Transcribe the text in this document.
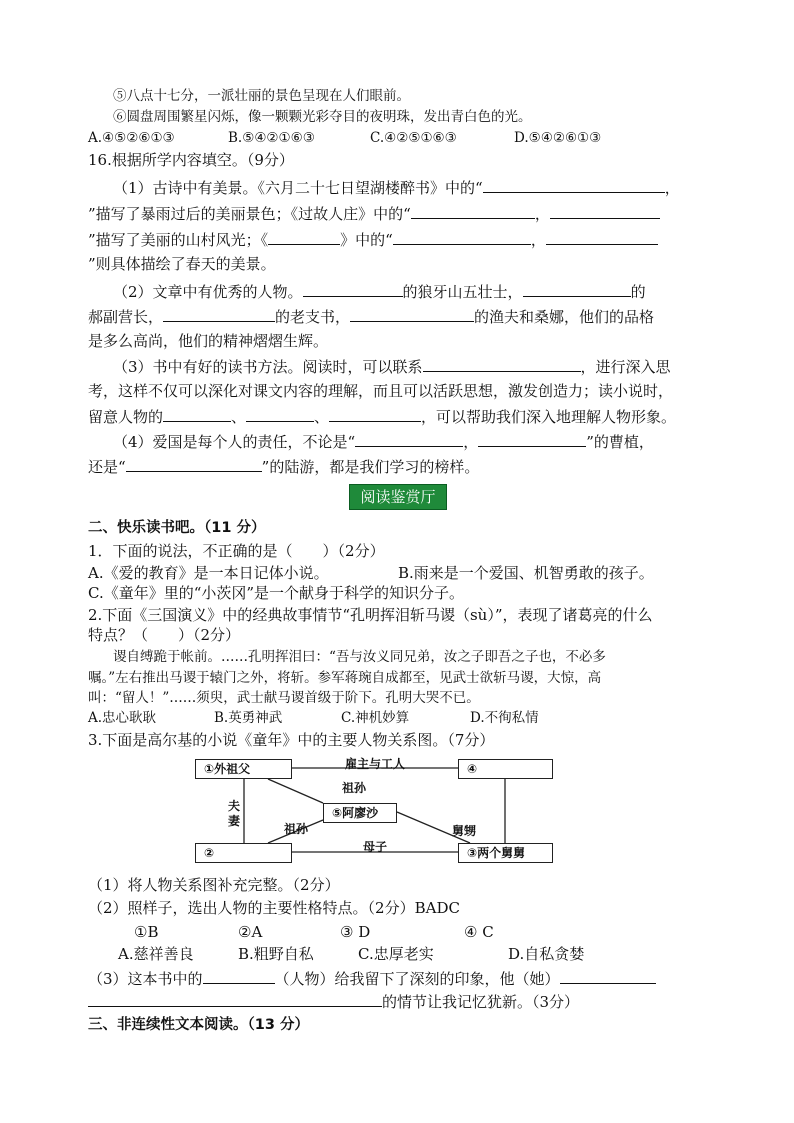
⑤八点十七分，一派壮丽的景色呈现在人们眼前。
⑥圆盘周围繁星闪烁，像一颗颗光彩夺目的夜明珠，发出青白色的光。
A.④⑤②⑥①③	B.⑤④②①⑥③	C.④②⑤①⑥③	D.⑤④②⑥①③
16.根据所学内容填空。（9分）
（1）古诗中有美景。《六月二十七日望湖楼醉书》中的“	，
”描写了暴雨过后的美丽景色；《过故人庄》中的“	，
”描写了美丽的山村风光；《	》中的“	，
”则具体描绘了春天的美景。
（2）文章中有优秀的人物。	的狼牙山五壮士，	的
郝副营长，	的老支书，	的渔夫和桑娜，他们的品格
是多么高尚，他们的精神熠熠生辉。
（3）书中有好的读书方法。阅读时，可以联系	，进行深入思
考，这样不仅可以深化对课文内容的理解，而且可以活跃思想，激发创造力；读小说时，
留意人物的	、	、	，可以帮助我们深入地理解人物形象。
（4）爱国是每个人的责任，不论是“	，	”的曹植，
还是“	”的陆游，都是我们学习的榜样。
阅读鉴赏厅
二、快乐读书吧。（11 分）
1．下面的说法，不正确的是（　　）（2分）
A.《爱的教育》是一本日记体小说。	B.雨来是一个爱国、机智勇敢的孩子。
C.《童年》里的“小茨冈”是一个献身于科学的知识分子。
2.下面《三国演义》中的经典故事情节“孔明挥泪斩马谡（sù）”，表现了诸葛亮的什么
特点？（　　）（2分）
谡自缚跪于帐前。……孔明挥泪曰：“吾与汝义同兄弟，汝之子即吾之子也，不必多
嘱。”左右推出马谡于辕门之外，将斩。参军蒋琬自成都至，见武士欲斩马谡，大惊，高
叫：“留人！”……须臾，武士献马谡首级于阶下。孔明大哭不已。
A.忠心耿耿	B.英勇神武	C.神机妙算	D.不徇私情
3.下面是高尔基的小说《童年》中的主要人物关系图。（7分）
①外祖父	④
⑤阿廖沙
②	③两个舅舅
雇主与工人
祖孙
祖孙
夫
妻
母子
舅甥
（1）将人物关系图补充完整。（2分）
（2）照样子，选出人物的主要性格特点。（2分）BADC
①B	②A	③ D	④ C
A.慈祥善良	B.粗野自私	C.忠厚老实	D.自私贪婪
（3）这本书中的	（人物）给我留下了深刻的印象，他（她）
的情节让我记忆犹新。（3分）
三、非连续性文本阅读。（13 分）
